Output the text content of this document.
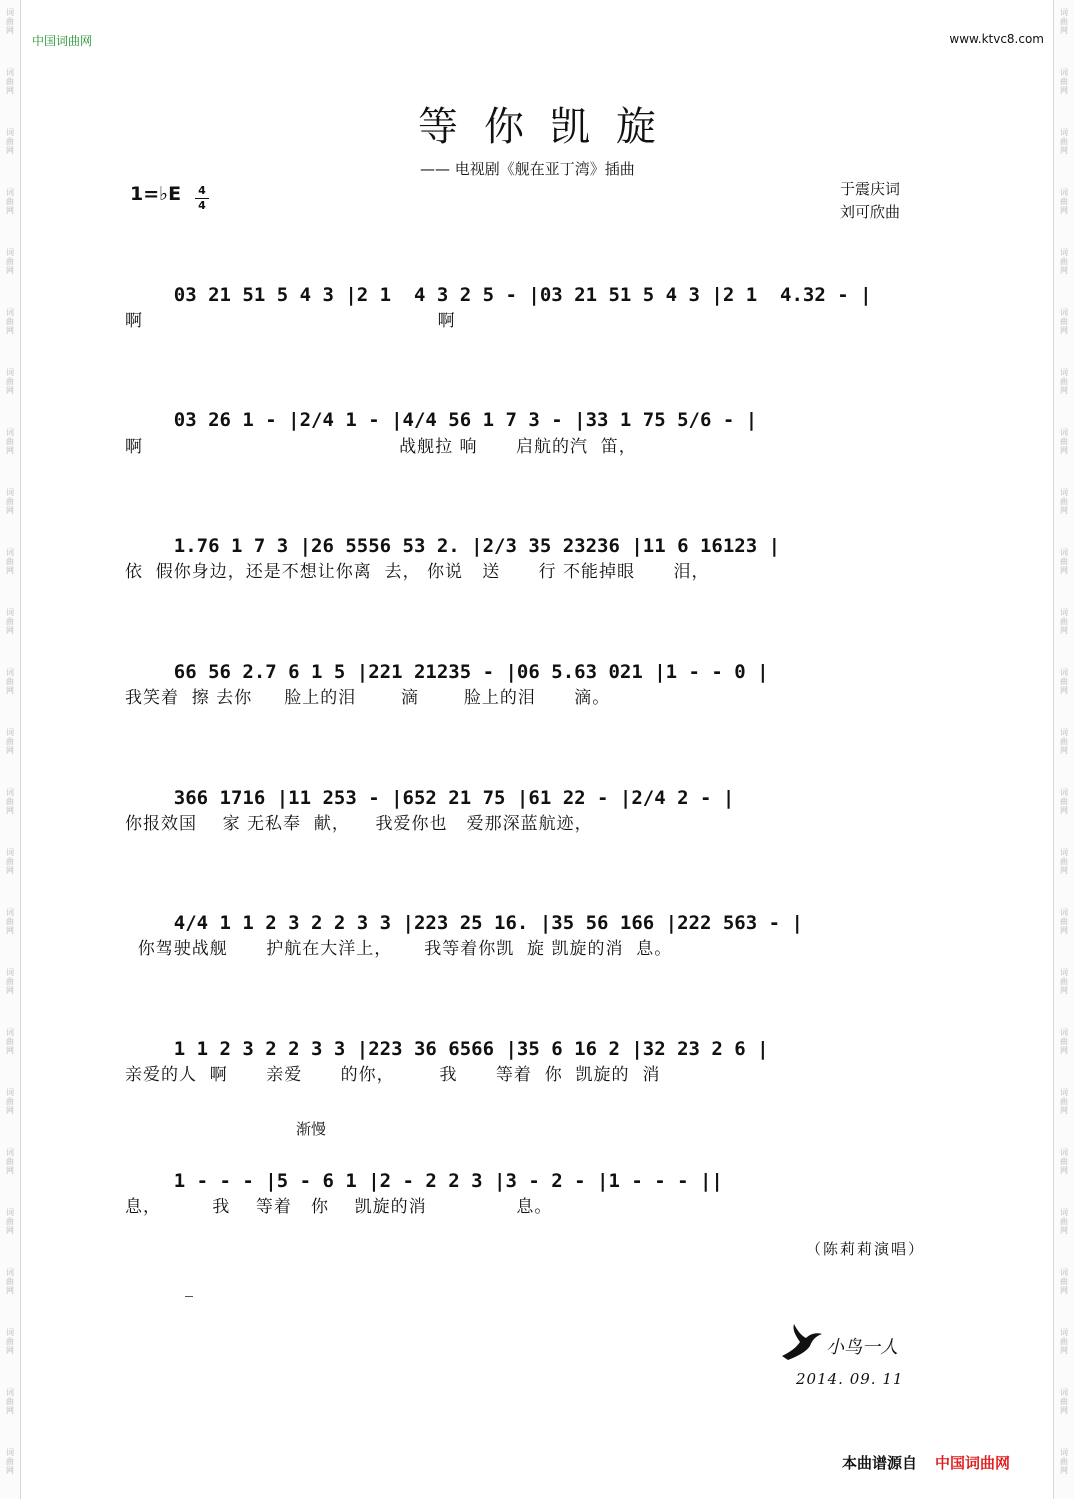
词
曲
网
词
曲
网
词
曲
网
词
曲
网
词
曲
网
词
曲
网
词
曲
网
词
曲
网
词
曲
网
词
曲
网
词
曲
网
词
曲
网
词
曲
网
词
曲
网
词
曲
网
词
曲
网
词
曲
网
词
曲
网
词
曲
网
词
曲
网
词
曲
网
词
曲
网
词
曲
网
词
曲
网
词
曲
网
词
曲
网
词
曲
网
词
曲
网
词
曲
网
词
曲
网
词
曲
网
词
曲
网
词
曲
网
词
曲
网
词
曲
网
词
曲
网
词
曲
网
词
曲
网
词
曲
网
词
曲
网
词
曲
网
词
曲
网
词
曲
网
词
曲
网
词
曲
网
词
曲
网
词
曲
网
词
曲
网
词
曲
网
词
曲
网
中国词曲网	www.ktvc8.com
等你凯旋
—— 电视剧《舰在亚丁湾》插曲
于震庆词
刘可欣曲
1=♭E 4
4

03 21 51 5 4 3 |2 1  4 3 2 5 - |03 21 51 5 4 3 |2 1  4.32 - |

啊                                              啊

03 26 1 - |2/4 1 - |4/4 56 1 7 3 - |33 1 75 5/6 - |

啊                                        战舰拉 响      启航的汽  笛，

1.76 1 7 3 |26 5556 53 2. |2/3 35 23236 |11 6 16123 |

依  假你身边，还是不想让你离  去， 你说   送      行 不能掉眼      泪，

66 56 2.7 6 1 5 |221 21235 - |06 5.63 021 |1 - - 0 |

我笑着  擦 去你     脸上的泪       滴       脸上的泪      滴。

366 1716 |11 253 - |652 21 75 |61 22 - |2/4 2 - |

你报效国    家 无私奉  献，    我爱你也   爱那深蓝航迹，

4/4 1 1 2 3 2 2 3 3 |223 25 16. |35 56 166 |222 563 - |

你驾驶战舰      护航在大洋上，     我等着你凯  旋 凯旋的消  息。

1 1 2 3 2 2 3 3 |223 36 6566 |35 6 16 2 |32 23 2 6 |

亲爱的人  啊      亲爱      的你，       我      等着  你  凯旋的  消

1 - - - |5 - 6 1 |2 - 2 2 3 |3 - 2 - |1 - - - ||

息，        我    等着   你    凯旋的消              息。
渐慢
（陈莉莉演唱）
小鸟一人
2014. 09. 11
本曲谱源自 中国词曲网
